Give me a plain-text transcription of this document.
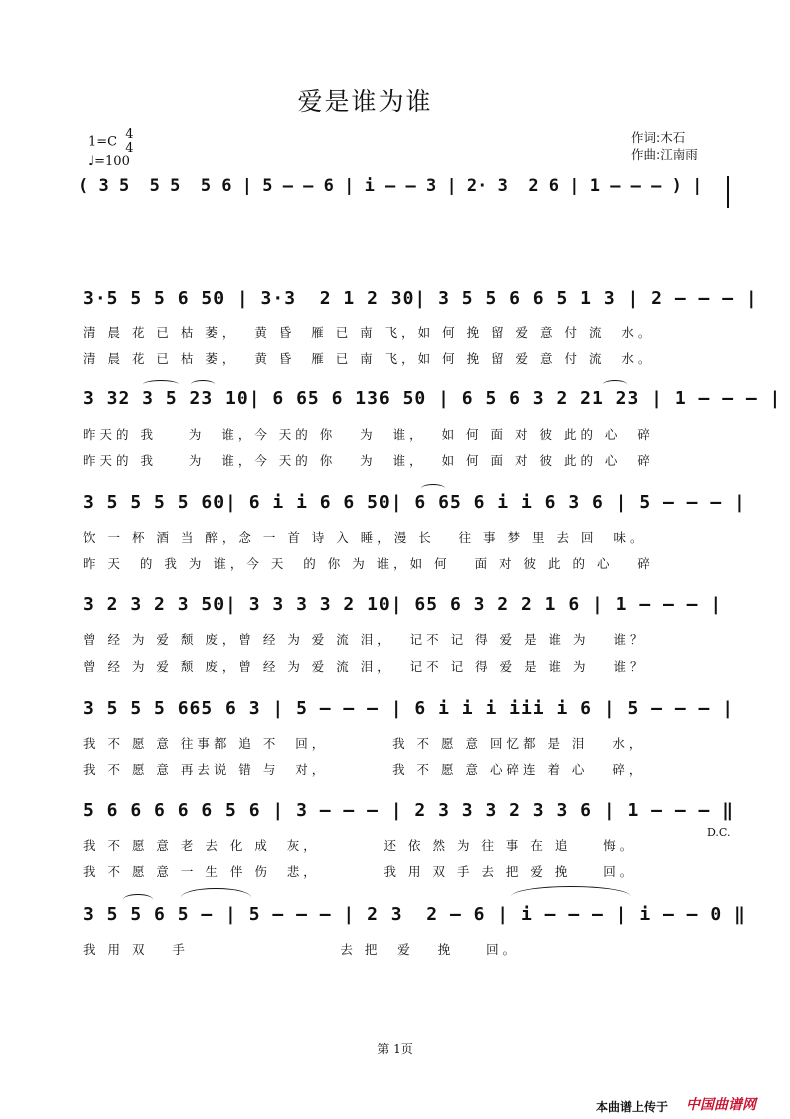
爱是谁为谁
1=C 4
4
♩=100
作词:木石
作曲:江南雨
( 3 5  5 5  5 6 | 5 — — 6 | i — — 3 | 2· 3  2 6 | 1 — — — ) |
3·5 5 5 6 50 | 3·3  2 1 2 30| 3 5 5 6 6 5 1 3 | 2 — — — |
清 晨 花 已 枯 萎，  黄 昏  雁 已 南 飞，如 何 挽 留 爱 意 付 流  水。
清 晨 花 已 枯 萎，  黄 昏  雁 已 南 飞，如 何 挽 留 爱 意 付 流  水。
3 32 3 5 23 10| 6 65 6 136 50 | 6 5 6 3 2 21 23 | 1 — — — |
昨天的 我    为  谁，今 天的 你   为  谁，  如 何 面 对 彼 此的 心  碎
昨天的 我    为  谁，今 天的 你   为  谁，  如 何 面 对 彼 此的 心  碎
3 5 5 5 5 60| 6 i i 6 6 50| 6 65 6 i i 6 3 6 | 5 — — — |
饮 一 杯 酒 当 醉，念 一 首 诗 入 睡，漫 长   往 事 梦 里 去 回  味。
昨 天  的 我 为 谁，今 天  的 你 为 谁，如 何   面 对 彼 此 的 心   碎
3 2 3 2 3 50| 3 3 3 3 2 10| 65 6 3 2 2 1 6 | 1 — — — |
曾 经 为 爱 颓 废，曾 经 为 爱 流 泪，  记不 记 得 爱 是 谁 为   谁？
曾 经 为 爱 颓 废，曾 经 为 爱 流 泪，  记不 记 得 爱 是 谁 为   谁？
3 5 5 5 665 6 3 | 5 — — — | 6 i i i iii i 6 | 5 — — — |
我 不 愿 意 往事都 追 不  回，        我 不 愿 意 回忆都 是 泪   水，
我 不 愿 意 再去说 错 与  对，        我 不 愿 意 心碎连 着 心   碎，
5 6 6 6 6 6 5 6 | 3 — — — | 2 3 3 3 2 3 3 6 | 1 — — — ‖
D.C.
我 不 愿 意 老 去 化 成  灰，        还 依 然 为 往 事 在 追    悔。
我 不 愿 意 一 生 伴 伤  悲，        我 用 双 手 去 把 爱 挽    回。
3 5 5 6 5 — | 5 — — — | 2 3  2 — 6 | i — — — | i — — 0 ‖
我 用 双   手                   去 把  爱   挽    回。
第 1页
本曲谱上传于 中国曲谱网
